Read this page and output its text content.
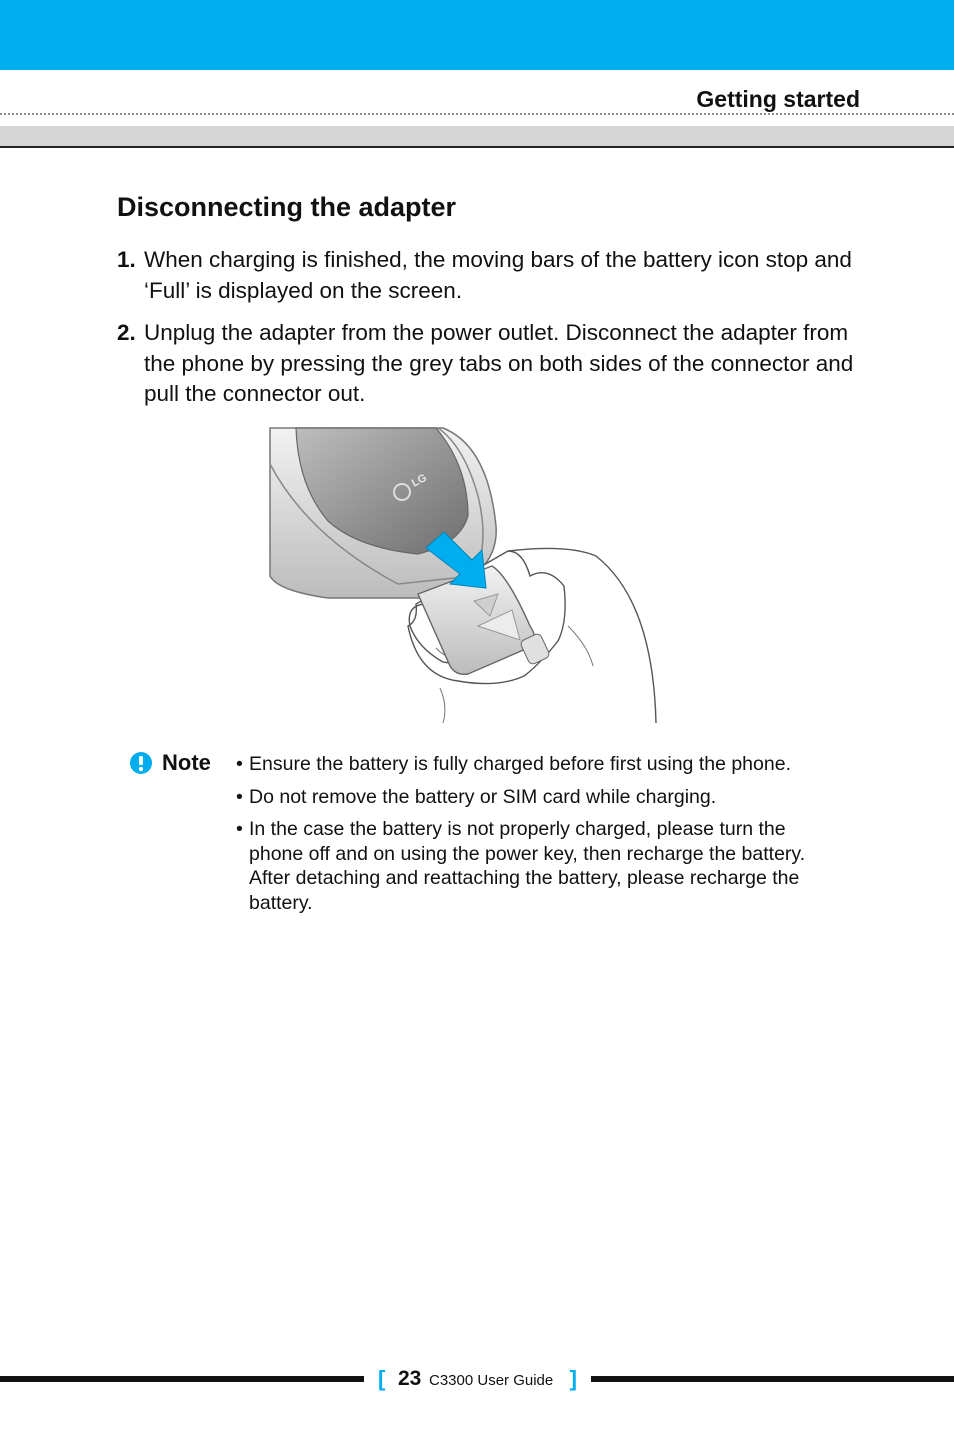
Getting started
Disconnecting the adapter
1. When charging is finished, the moving bars of the battery icon stop and ‘Full’ is displayed on the screen.
2. Unplug the adapter from the power outlet. Disconnect the adapter from the phone by pressing the grey tabs on both sides of the connector and pull the connector out.
LG
Note • Ensure the battery is fully charged before first using the phone.
• Do not remove the battery or SIM card while charging.
• In the case the battery is not properly charged, please turn the phone off and on using the power key, then recharge the battery. After detaching and reattaching the battery, please recharge the battery.
[ 23 C3300 User Guide ]
